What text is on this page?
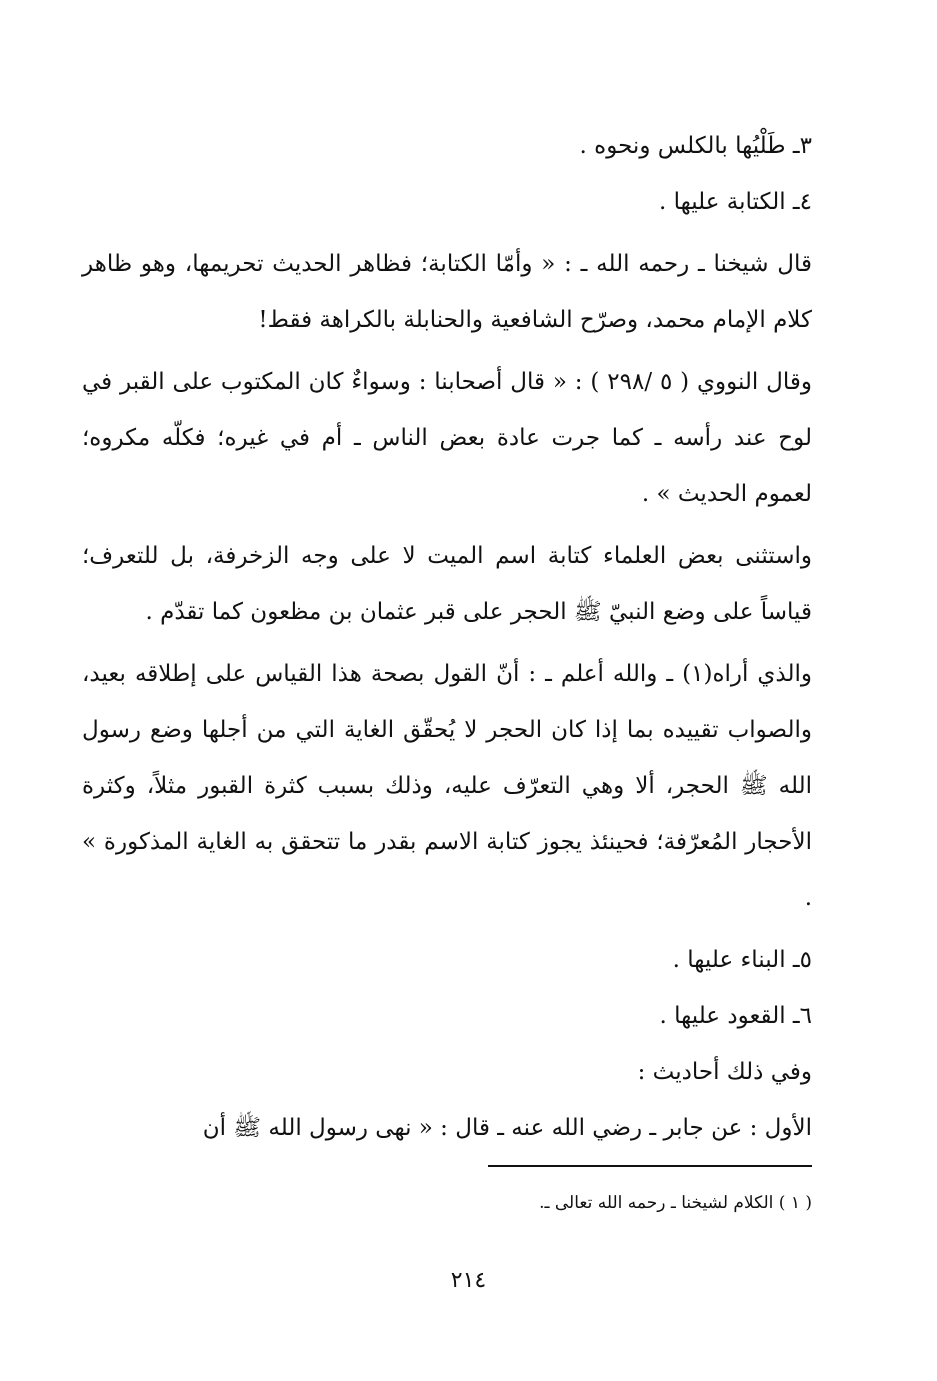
٣ـ طَلْيُها بالكلس ونحوه .

٤ـ الكتابة عليها .

قال شيخنا ـ رحمه الله ـ : « وأمّا الكتابة؛ فظاهر الحديث تحريمها، وهو ظاهر كلام الإمام محمد، وصرّح الشافعية والحنابلة بالكراهة فقط!

وقال النووي ( ٥ /٢٩٨ ) : « قال أصحابنا : وسواءٌ كان المكتوب على القبر في لوح عند رأسه ـ كما جرت عادة بعض الناس ـ أم في غيره؛ فكلّه مكروه؛ لعموم الحديث » .

واستثنى بعض العلماء كتابة اسم الميت لا على وجه الزخرفة، بل للتعرف؛ قياساً على وضع النبيّ ﷺ الحجر على قبر عثمان بن مظعون كما تقدّم .

والذي أراه(١) ـ والله أعلم ـ : أنّ القول بصحة هذا القياس على إطلاقه بعيد، والصواب تقييده بما إذا كان الحجر لا يُحقّق الغاية التي من أجلها وضع رسول الله ﷺ الحجر، ألا وهي التعرّف عليه، وذلك بسبب كثرة القبور مثلاً، وكثرة الأحجار المُعرّفة؛ فحينئذ يجوز كتابة الاسم بقدر ما تتحقق به الغاية المذكورة » .

٥ـ البناء عليها .

٦ـ القعود عليها .

وفي ذلك أحاديث :

الأول : عن جابر ـ رضي الله عنه ـ قال : « نهى رسول الله ﷺ أن

( ١ ) الكلام لشيخنا ـ رحمه الله تعالى ـ.
٢١٤
